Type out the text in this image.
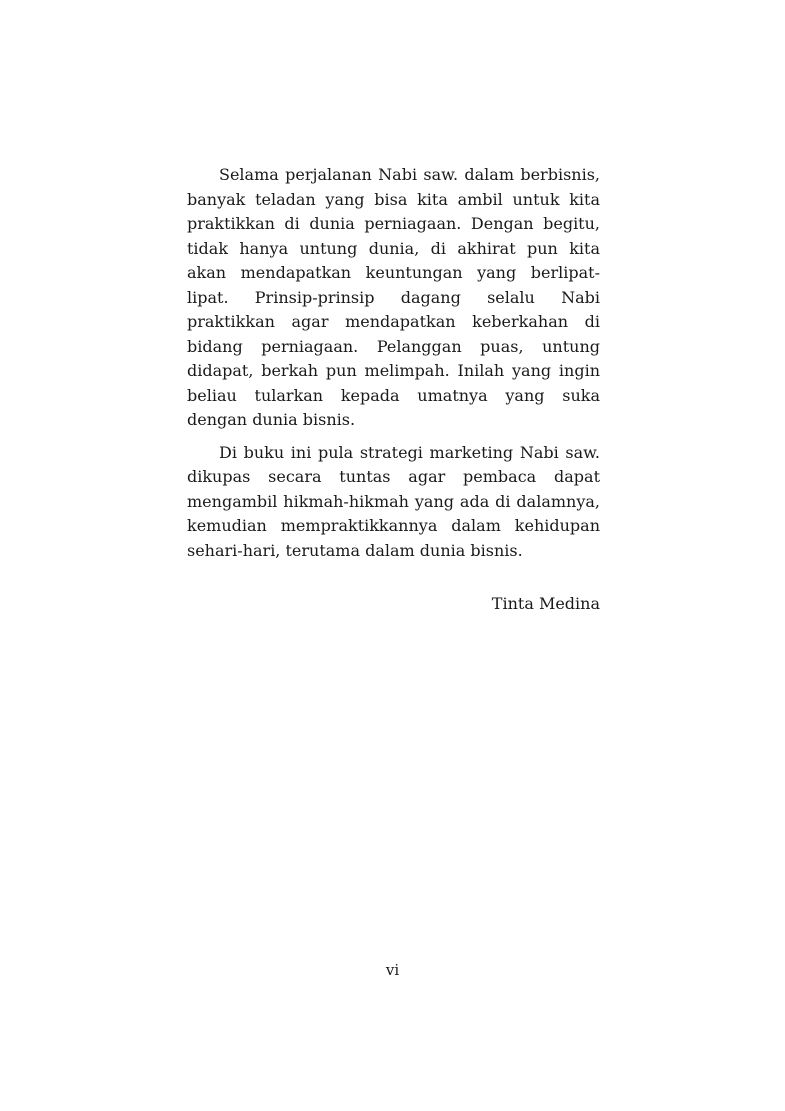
Selama perjalanan Nabi saw. dalam berbisnis, banyak teladan yang bisa kita ambil untuk kita praktikkan di dunia perniagaan. Dengan begitu, tidak hanya untung dunia, di akhirat pun kita akan mendapatkan keuntungan yang berlipat-lipat. Prinsip-prinsip dagang selalu Nabi praktikkan agar mendapatkan keberkahan di bidang perniagaan. Pelanggan puas, untung didapat, berkah pun melimpah. Inilah yang ingin beliau tularkan kepada umatnya yang suka dengan dunia bisnis.

Di buku ini pula strategi marketing Nabi saw. dikupas secara tuntas agar pembaca dapat mengambil hikmah-hikmah yang ada di dalamnya, kemudian mempraktikkannya dalam kehidupan sehari-hari, terutama dalam dunia bisnis.

Tinta Medina
vi
